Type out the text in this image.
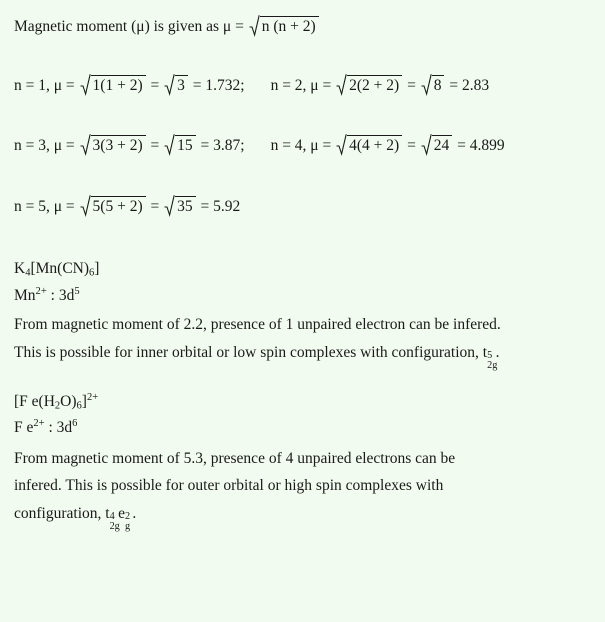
Magnetic moment (μ) is given as μ =
n (n + 2)
n = 1, μ =
1(1 + 2) =
3 = 1.732; n = 2, μ =
2(2 + 2) =
8 = 2.83
n = 3, μ =
3(3 + 2) =
15 = 3.87; n = 4, μ =
4(4 + 2) =
24 = 4.899
n = 5, μ =
5(5 + 2) =
35 = 5.92
$K_4[Mn(CN)_6]$
$Mn^{2+}$ : $3d^5$
From magnetic moment of 2.2, presence of 1 unpaired electron can be infered.
This is possible for inner orbital or low spin complexes with configuration, t 5
2g
.
[F $e(H_2O)_6]^{2+}$
F $e^{2+}$ : $3d^6$
From magnetic moment of 5.3, presence of 4 unpaired electrons can be
infered. This is possible for outer orbital or high spin complexes with
configuration, t 4
2g
e 2
g
.
